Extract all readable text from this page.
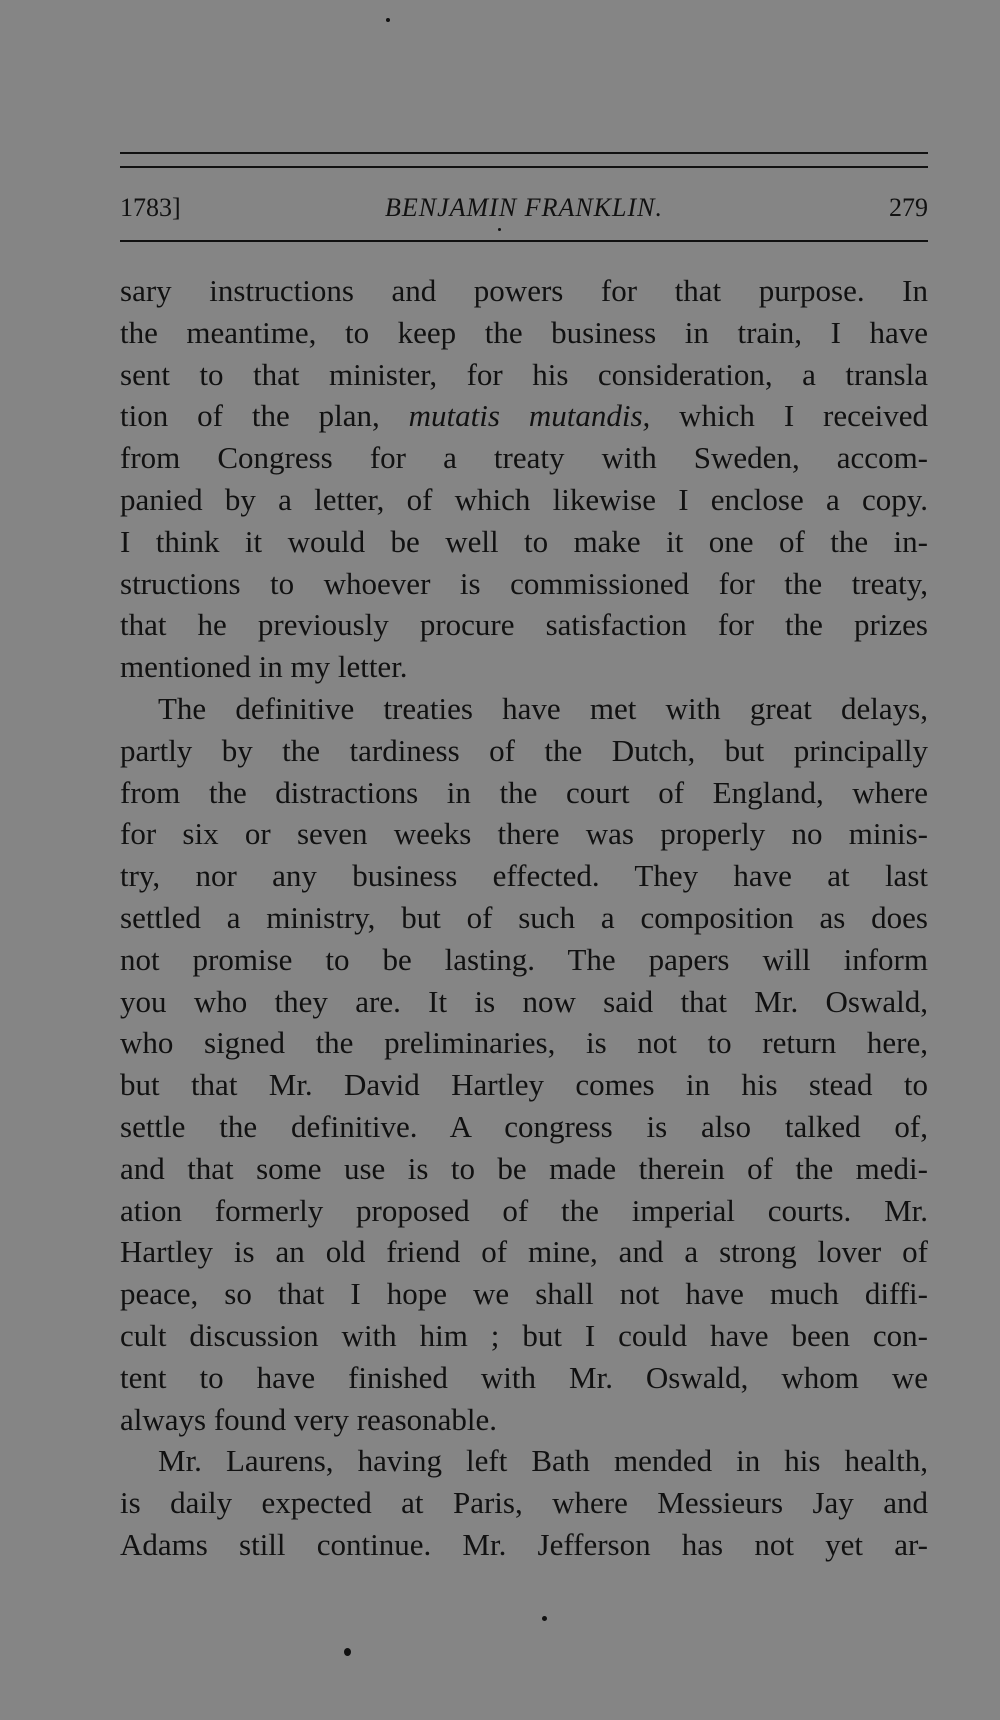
1783]	BENJAMIN FRANKLIN.	279
sary instructions and powers for that purpose. In
the meantime, to keep the business in train, I have
sent to that minister, for his consideration, a transla
tion of the plan, mutatis mutandis, which I received
from Congress for a treaty with Sweden, accom-
panied by a letter, of which likewise I enclose a copy.
I think it would be well to make it one of the in-
structions to whoever is commissioned for the treaty,
that he previously procure satisfaction for the prizes
mentioned in my letter.
The definitive treaties have met with great delays,
partly by the tardiness of the Dutch, but principally
from the distractions in the court of England, where
for six or seven weeks there was properly no minis-
try, nor any business effected. They have at last
settled a ministry, but of such a composition as does
not promise to be lasting. The papers will inform
you who they are. It is now said that Mr. Oswald,
who signed the preliminaries, is not to return here,
but that Mr. David Hartley comes in his stead to
settle the definitive. A congress is also talked of,
and that some use is to be made therein of the medi-
ation formerly proposed of the imperial courts. Mr.
Hartley is an old friend of mine, and a strong lover of
peace, so that I hope we shall not have much diffi-
cult discussion with him ; but I could have been con-
tent to have finished with Mr. Oswald, whom we
always found very reasonable.
Mr. Laurens, having left Bath mended in his health,
is daily expected at Paris, where Messieurs Jay and
Adams still continue. Mr. Jefferson has not yet ar-
